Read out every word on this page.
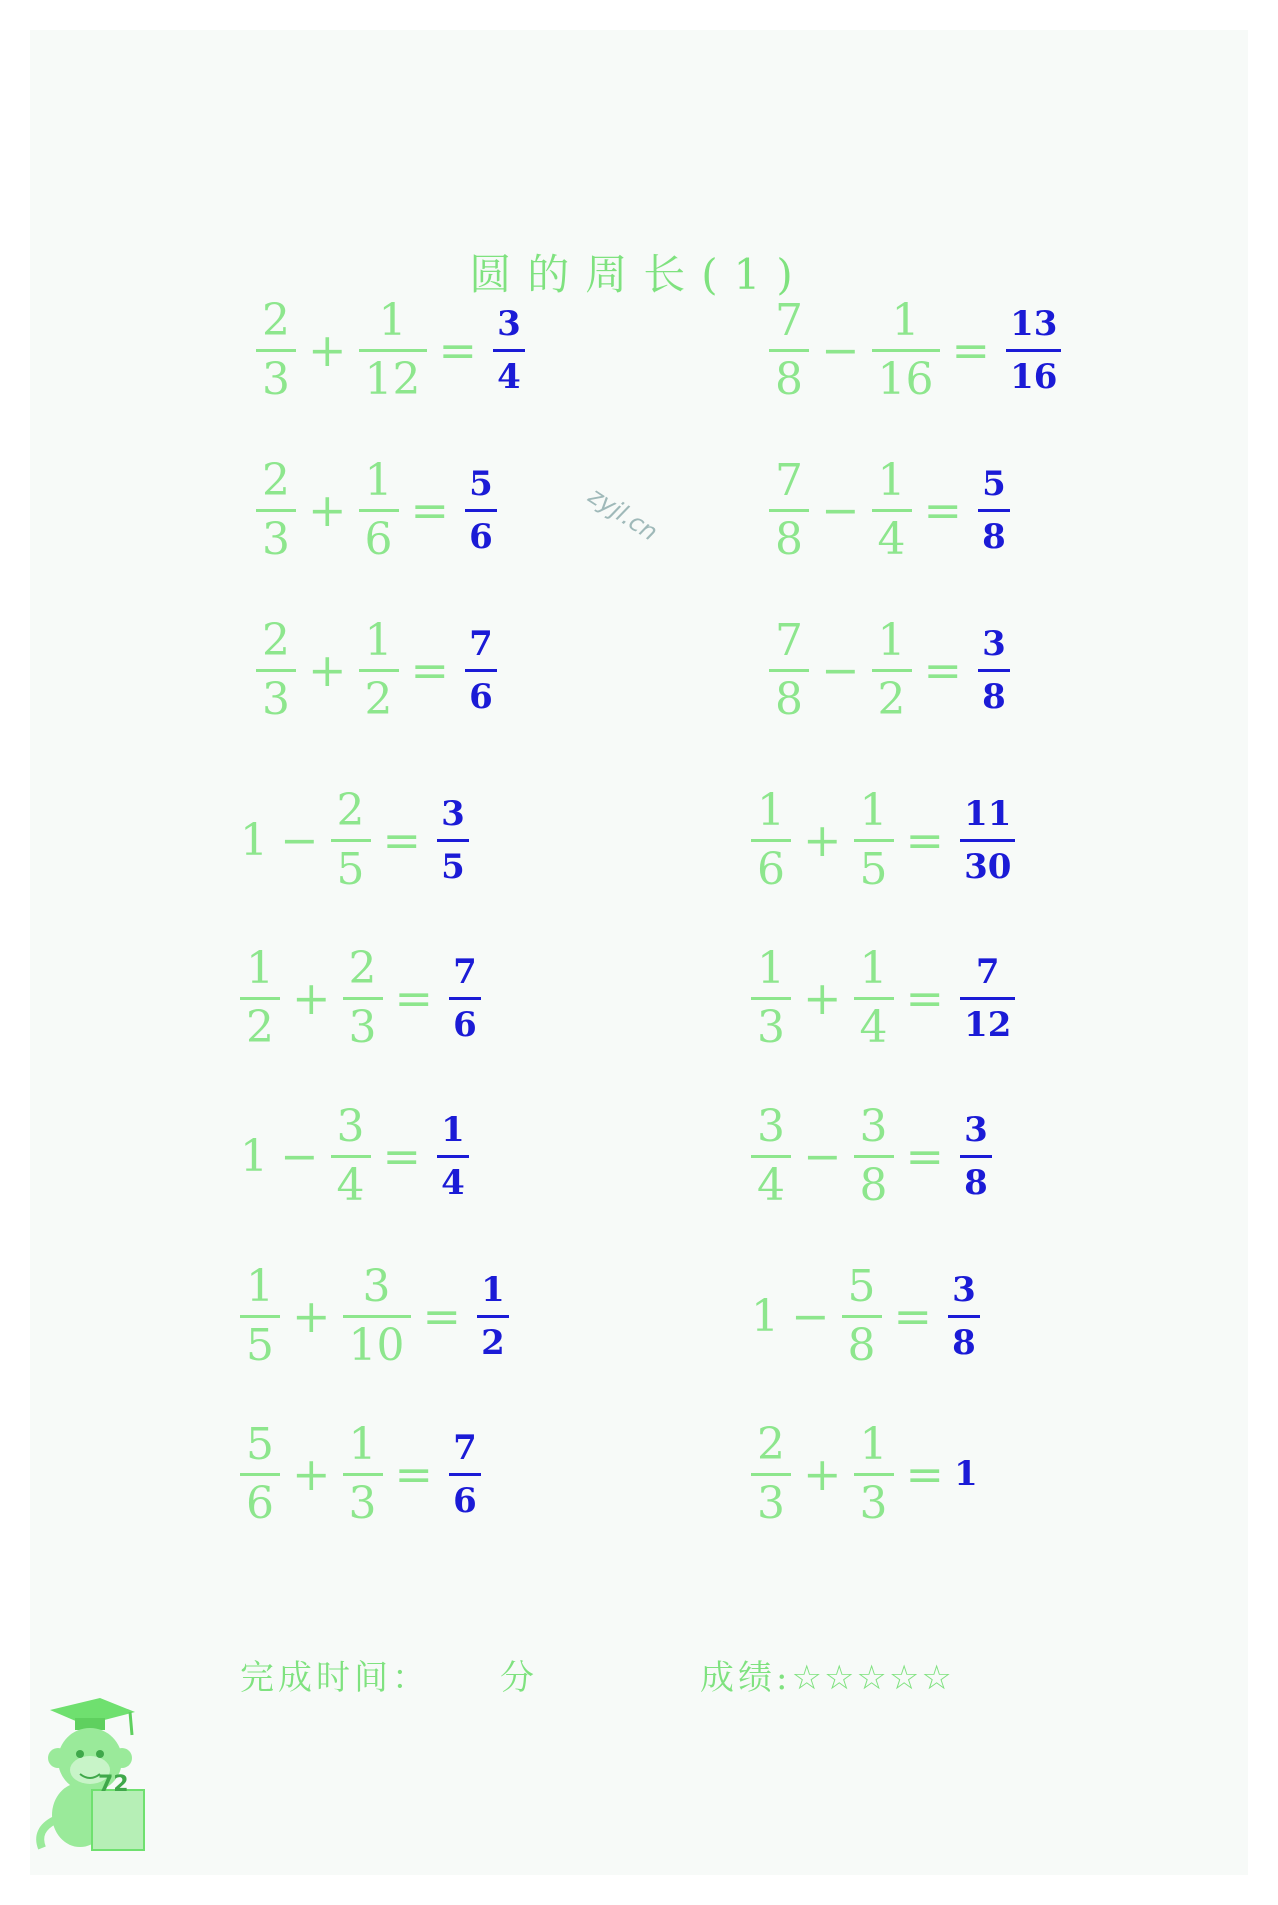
圆的周长(1)
zyjl.cn
$\frac{2}{3} + \frac{1}{12} = \frac{3}{4}$
$\frac{2}{3} + \frac{1}{6} = \frac{5}{6}$
$\frac{2}{3} + \frac{1}{2} = \frac{7}{6}$
$1 - \frac{2}{5} = \frac{3}{5}$
$\frac{1}{2} + \frac{2}{3} = \frac{7}{6}$
$1 - \frac{3}{4} = \frac{1}{4}$
$\frac{1}{5} + \frac{3}{10} = \frac{1}{2}$
$\frac{5}{6} + \frac{1}{3} = \frac{7}{6}$
$\frac{7}{8} - \frac{1}{16} = \frac{13}{16}$
$\frac{7}{8} - \frac{1}{4} = \frac{5}{8}$
$\frac{7}{8} - \frac{1}{2} = \frac{3}{8}$
$\frac{1}{6} + \frac{1}{5} = \frac{11}{30}$
$\frac{1}{3} + \frac{1}{4} = \frac{7}{12}$
$\frac{3}{4} - \frac{3}{8} = \frac{3}{8}$
$1 - \frac{5}{8} = \frac{3}{8}$
$\frac{2}{3} + \frac{1}{3} = 1$
完成时间： 分	成绩:☆☆☆☆☆
72
